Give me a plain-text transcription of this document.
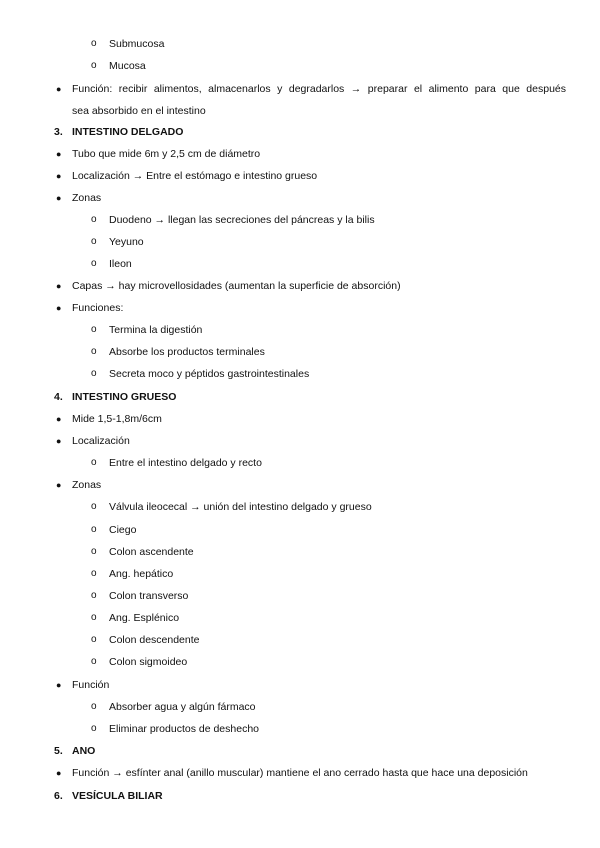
o Submucosa
o Mucosa
● Función: recibir alimentos, almacenarlos y degradarlos → preparar el alimento para que después
sea absorbido en el intestino
3. INTESTINO DELGADO
● Tubo que mide 6m y 2,5 cm de diámetro
● Localización → Entre el estómago e intestino grueso
● Zonas
o Duodeno → llegan las secreciones del páncreas y la bilis
o Yeyuno
o Ileon
● Capas → hay microvellosidades (aumentan la superficie de absorción)
● Funciones:
o Termina la digestión
o Absorbe los productos terminales
o Secreta moco y péptidos gastrointestinales
4. INTESTINO GRUESO
● Mide 1,5-1,8m/6cm
● Localización
o Entre el intestino delgado y recto
● Zonas
o Válvula ileocecal → unión del intestino delgado y grueso
o Ciego
o Colon ascendente
o Ang. hepático
o Colon transverso
o Ang. Esplénico
o Colon descendente
o Colon sigmoideo
● Función
o Absorber agua y algún fármaco
o Eliminar productos de deshecho
5. ANO
● Función → esfínter anal (anillo muscular) mantiene el ano cerrado hasta que hace una deposición
6. VESÍCULA BILIAR
